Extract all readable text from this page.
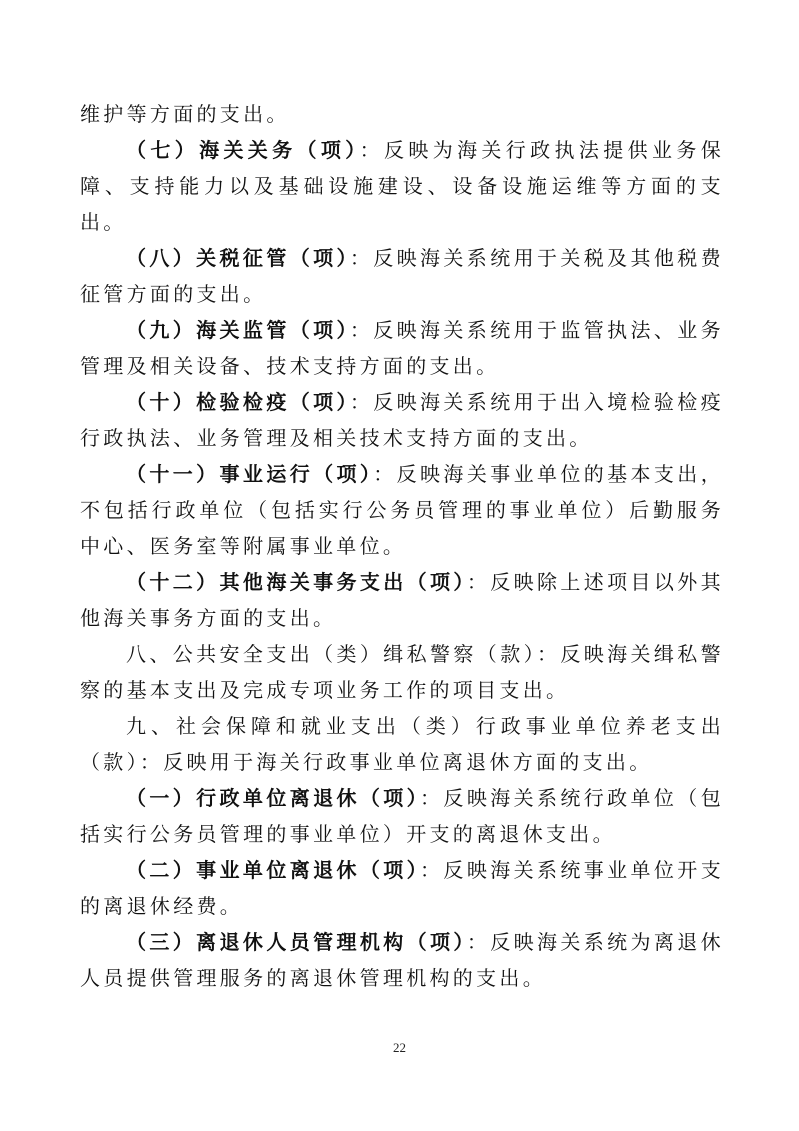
维护等方面的支出。

（七）海关关务（项）：反映为海关行政执法提供业务保障、支持能力以及基础设施建设、设备设施运维等方面的支出。

（八）关税征管（项）：反映海关系统用于关税及其他税费征管方面的支出。

（九）海关监管（项）：反映海关系统用于监管执法、业务管理及相关设备、技术支持方面的支出。

（十）检验检疫（项）：反映海关系统用于出入境检验检疫行政执法、业务管理及相关技术支持方面的支出。

（十一）事业运行（项）：反映海关事业单位的基本支出，不包括行政单位（包括实行公务员管理的事业单位）后勤服务中心、医务室等附属事业单位。

（十二）其他海关事务支出（项）：反映除上述项目以外其他海关事务方面的支出。

八、公共安全支出（类）缉私警察（款）：反映海关缉私警察的基本支出及完成专项业务工作的项目支出。

九、社会保障和就业支出（类）行政事业单位养老支出（款）：反映用于海关行政事业单位离退休方面的支出。

（一）行政单位离退休（项）：反映海关系统行政单位（包括实行公务员管理的事业单位）开支的离退休支出。

（二）事业单位离退休（项）：反映海关系统事业单位开支的离退休经费。

（三）离退休人员管理机构（项）：反映海关系统为离退休人员提供管理服务的离退休管理机构的支出。

22
